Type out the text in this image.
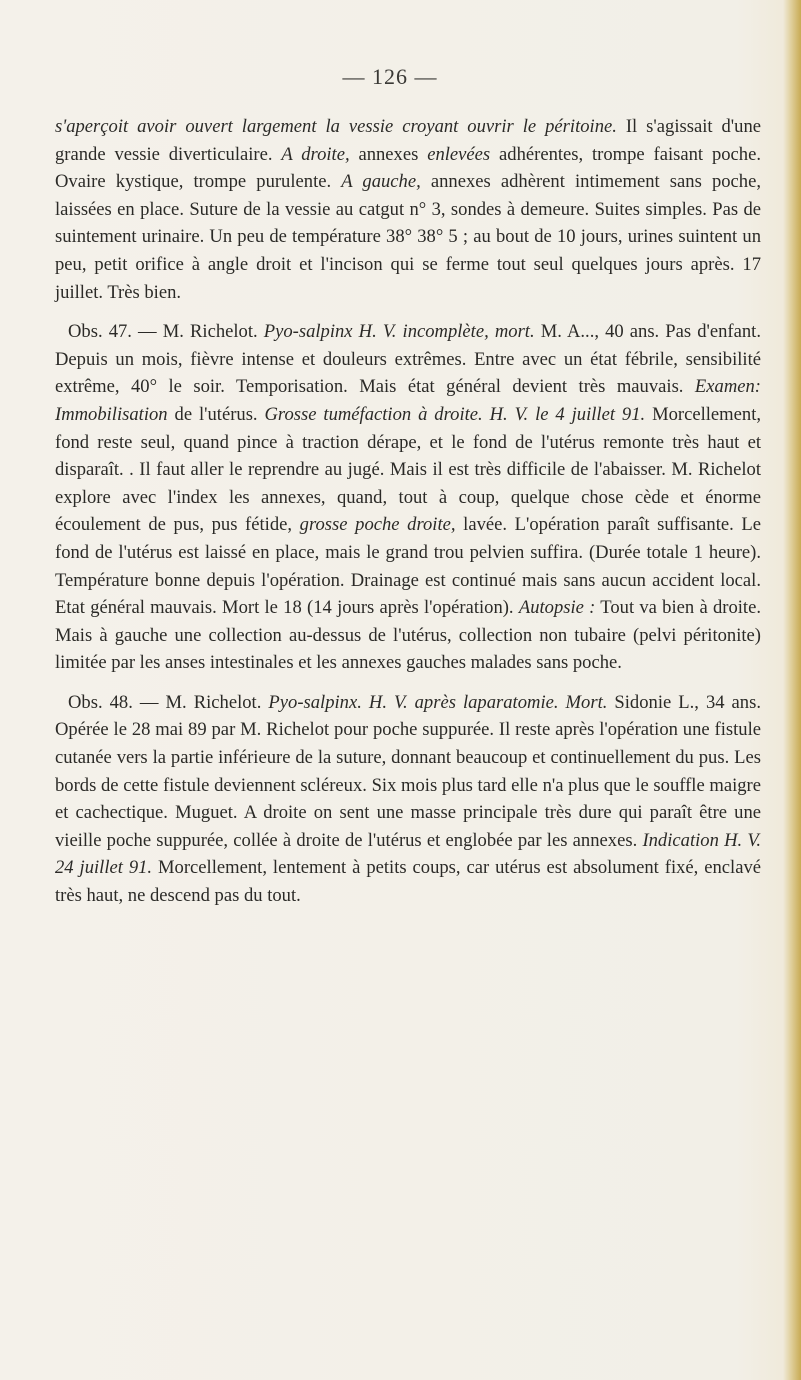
— 126 —

s'aperçoit avoir ouvert largement la vessie croyant ouvrir le péritoine. Il s'agissait d'une grande vessie diverticulaire. A droite, annexes enlevées adhérentes, trompe faisant poche. Ovaire kystique, trompe purulente. A gauche, annexes adhèrent intimement sans poche, laissées en place. Suture de la vessie au catgut n° 3, sondes à demeure. Suites simples. Pas de suintement urinaire. Un peu de température 38° 38° 5 ; au bout de 10 jours, urines suintent un peu, petit orifice à angle droit et l'incison qui se ferme tout seul quelques jours après. 17 juillet. Très bien.

Obs. 47. — M. Richelot. Pyo-salpinx H. V. incomplète, mort. M. A..., 40 ans. Pas d'enfant. Depuis un mois, fièvre intense et douleurs extrêmes. Entre avec un état fébrile, sensibilité extrême, 40° le soir. Temporisation. Mais état général devient très mauvais. Examen: Immobilisation de l'utérus. Grosse tuméfaction à droite. H. V. le 4 juillet 91. Morcellement, fond reste seul, quand pince à traction dérape, et le fond de l'utérus remonte très haut et disparaît. . Il faut aller le reprendre au jugé. Mais il est très difficile de l'abaisser. M. Richelot explore avec l'index les annexes, quand, tout à coup, quelque chose cède et énorme écoulement de pus, pus fétide, grosse poche droite, lavée. L'opération paraît suffisante. Le fond de l'utérus est laissé en place, mais le grand trou pelvien suffira. (Durée totale 1 heure). Température bonne depuis l'opération. Drainage est continué mais sans aucun accident local. Etat général mauvais. Mort le 18 (14 jours après l'opération). Autopsie : Tout va bien à droite. Mais à gauche une collection au-dessus de l'utérus, collection non tubaire (pelvi péritonite) limitée par les anses intestinales et les annexes gauches malades sans poche.

Obs. 48. — M. Richelot. Pyo-salpinx. H. V. après laparatomie. Mort. Sidonie L., 34 ans. Opérée le 28 mai 89 par M. Richelot pour poche suppurée. Il reste après l'opération une fistule cutanée vers la partie inférieure de la suture, donnant beaucoup et continuellement du pus. Les bords de cette fistule deviennent scléreux. Six mois plus tard elle n'a plus que le souffle maigre et cachectique. Muguet. A droite on sent une masse principale très dure qui paraît être une vieille poche suppurée, collée à droite de l'utérus et englobée par les annexes. Indication H. V. 24 juillet 91. Morcellement, lentement à petits coups, car utérus est absolument fixé, enclavé très haut, ne descend pas du tout.
